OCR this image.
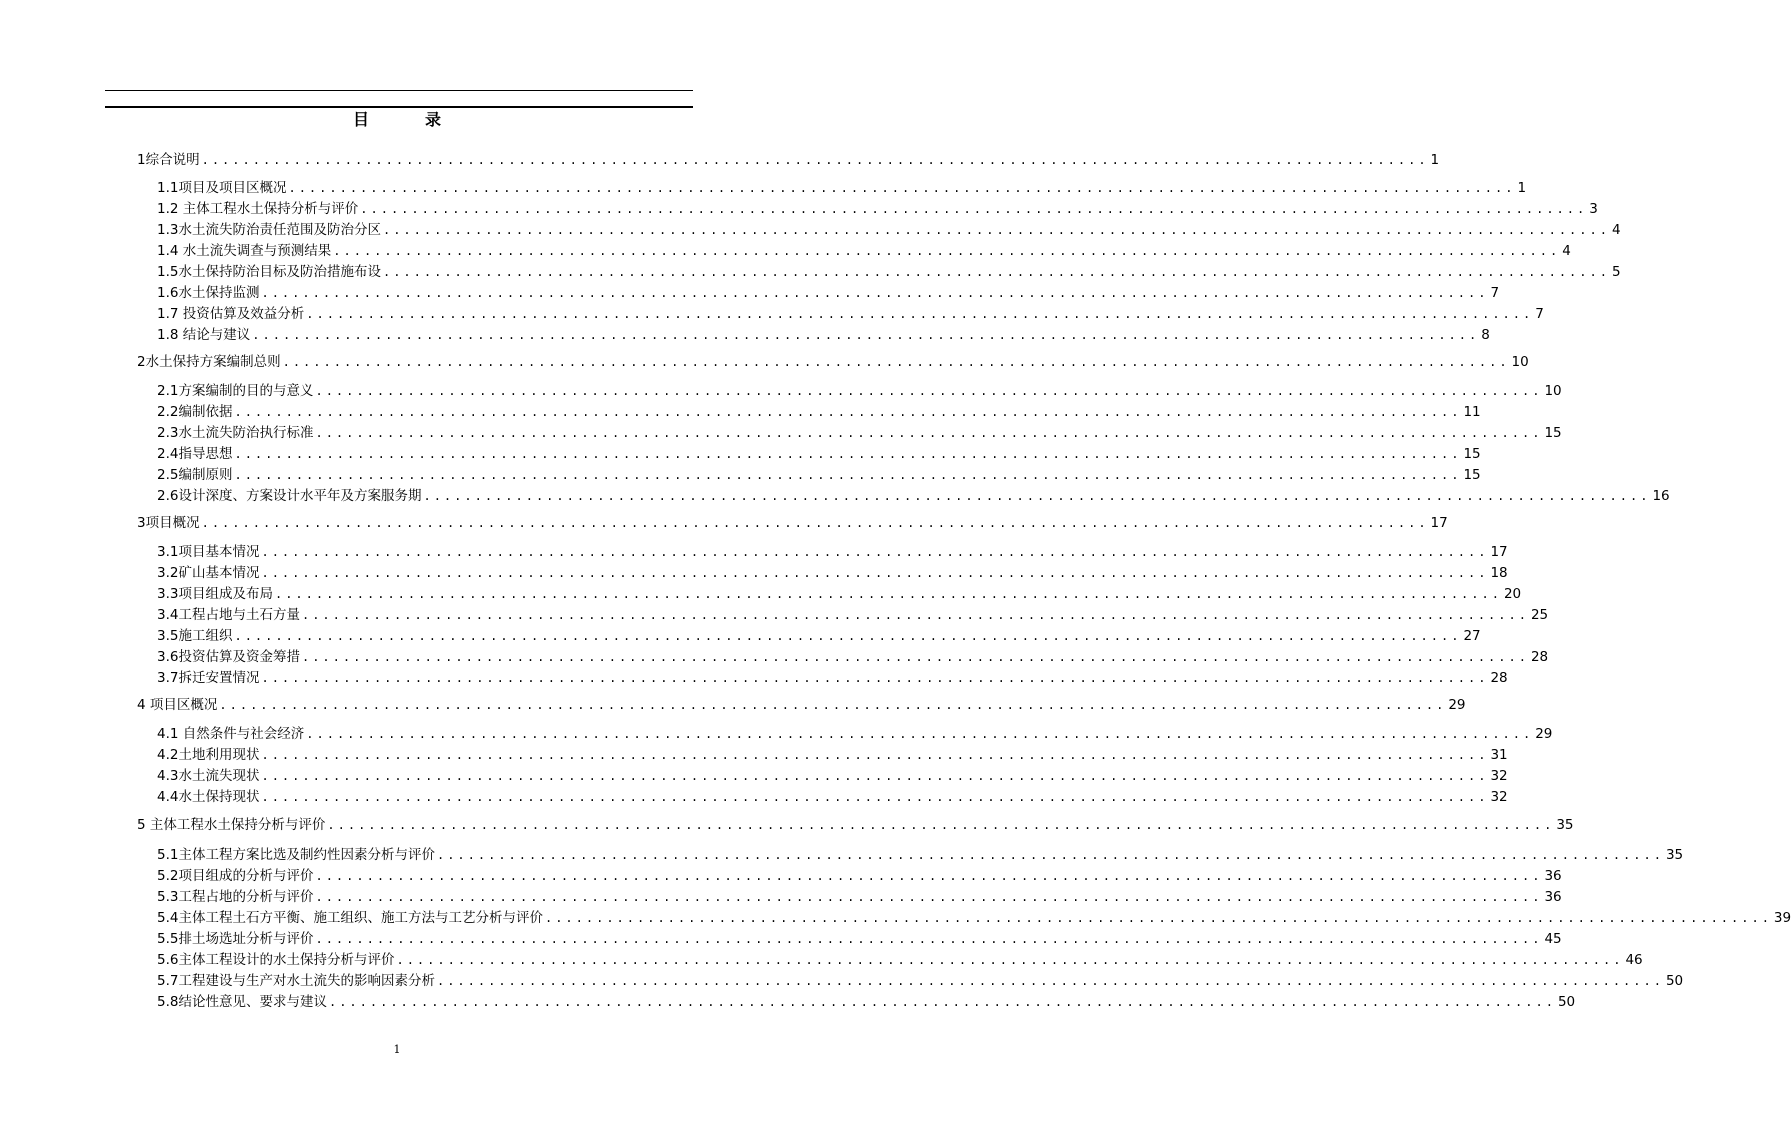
目　录
1综合说明 ........................................................................................................................ 1
1.1项目及项目区概况 ........................................................................................................................ 1
1.2 主体工程水土保持分析与评价 ........................................................................................................................ 3
1.3水土流失防治责任范围及防治分区 ........................................................................................................................ 4
1.4 水土流失调查与预测结果 ........................................................................................................................ 4
1.5水土保持防治目标及防治措施布设 ........................................................................................................................ 5
1.6水土保持监测 ........................................................................................................................ 7
1.7 投资估算及效益分析 ........................................................................................................................ 7
1.8 结论与建议 ........................................................................................................................ 8
2水土保持方案编制总则 ........................................................................................................................ 10
2.1方案编制的目的与意义 ........................................................................................................................ 10
2.2编制依据 ........................................................................................................................ 11
2.3水土流失防治执行标准 ........................................................................................................................ 15
2.4指导思想 ........................................................................................................................ 15
2.5编制原则 ........................................................................................................................ 15
2.6设计深度、方案设计水平年及方案服务期 ........................................................................................................................ 16
3项目概况 ........................................................................................................................ 17
3.1项目基本情况 ........................................................................................................................ 17
3.2矿山基本情况 ........................................................................................................................ 18
3.3项目组成及布局 ........................................................................................................................ 20
3.4工程占地与土石方量 ........................................................................................................................ 25
3.5施工组织 ........................................................................................................................ 27
3.6投资估算及资金筹措 ........................................................................................................................ 28
3.7拆迁安置情况 ........................................................................................................................ 28
4 项目区概况 ........................................................................................................................ 29
4.1 自然条件与社会经济 ........................................................................................................................ 29
4.2土地利用现状 ........................................................................................................................ 31
4.3水土流失现状 ........................................................................................................................ 32
4.4水土保持现状 ........................................................................................................................ 32
5 主体工程水土保持分析与评价 ........................................................................................................................ 35
5.1主体工程方案比选及制约性因素分析与评价 ........................................................................................................................ 35
5.2项目组成的分析与评价 ........................................................................................................................ 36
5.3工程占地的分析与评价 ........................................................................................................................ 36
5.4主体工程土石方平衡、施工组织、施工方法与工艺分析与评价 ........................................................................................................................ 39
5.5排土场选址分析与评价 ........................................................................................................................ 45
5.6主体工程设计的水土保持分析与评价 ........................................................................................................................ 46
5.7工程建设与生产对水土流失的影响因素分析 ........................................................................................................................ 50
5.8结论性意见、要求与建议 ........................................................................................................................ 50
1
